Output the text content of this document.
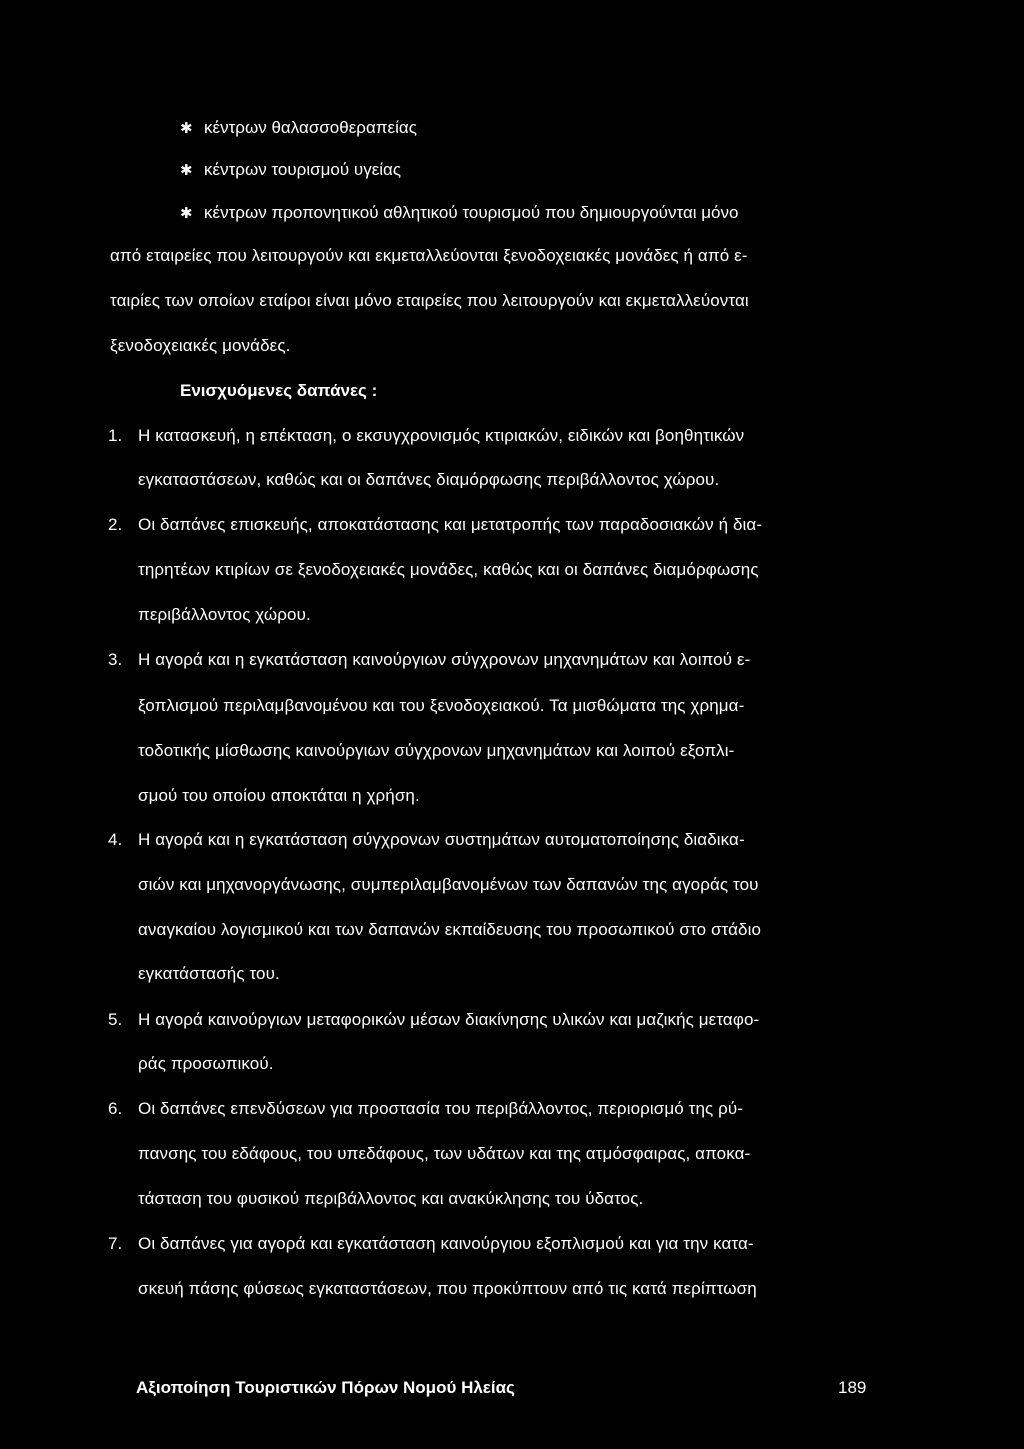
✱ κέντρων θαλασσοθεραπείας
✱ κέντρων τουρισμού υγείας
✱ κέντρων προπονητικού αθλητικού τουρισμού που δημιουργούνται μόνο
από εταιρείες που λειτουργούν και εκμεταλλεύονται ξενοδοχειακές μονάδες ή από ε-
ταιρίες των οποίων εταίροι είναι μόνο εταιρείες που λειτουργούν και εκμεταλλεύονται
ξενοδοχειακές μονάδες.
Ενισχυόμενες δαπάνες :
1. Η κατασκευή, η επέκταση, ο εκσυγχρονισμός κτιριακών, ειδικών και βοηθητικών
εγκαταστάσεων, καθώς και οι δαπάνες διαμόρφωσης περιβάλλοντος χώρου.
2. Οι δαπάνες επισκευής, αποκατάστασης και μετατροπής των παραδοσιακών ή δια-
τηρητέων κτιρίων σε ξενοδοχειακές μονάδες, καθώς και οι δαπάνες διαμόρφωσης
περιβάλλοντος χώρου.
3. Η αγορά και η εγκατάσταση καινούργιων σύγχρονων μηχανημάτων και λοιπού ε-
ξοπλισμού περιλαμβανομένου και του ξενοδοχειακού. Τα μισθώματα της χρημα-
τοδοτικής μίσθωσης καινούργιων σύγχρονων μηχανημάτων και λοιπού εξοπλι-
σμού του οποίου αποκτάται η χρήση.
4. Η αγορά και η εγκατάσταση σύγχρονων συστημάτων αυτοματοποίησης διαδικα-
σιών και μηχανοργάνωσης, συμπεριλαμβανομένων των δαπανών της αγοράς του
αναγκαίου λογισμικού και των δαπανών εκπαίδευσης του προσωπικού στο στάδιο
εγκατάστασής του.
5. Η αγορά καινούργιων μεταφορικών μέσων διακίνησης υλικών και μαζικής μεταφο-
ράς προσωπικού.
6. Οι δαπάνες επενδύσεων για προστασία του περιβάλλοντος, περιορισμό της ρύ-
πανσης του εδάφους, του υπεδάφους, των υδάτων και της ατμόσφαιρας, αποκα-
τάσταση του φυσικού περιβάλλοντος και ανακύκλησης του ύδατος.
7. Οι δαπάνες για αγορά και εγκατάσταση καινούργιου εξοπλισμού και για την κατα-
σκευή πάσης φύσεως εγκαταστάσεων, που προκύπτουν από τις κατά περίπτωση
Αξιοποίηση Τουριστικών Πόρων Νομού Ηλείας	189
